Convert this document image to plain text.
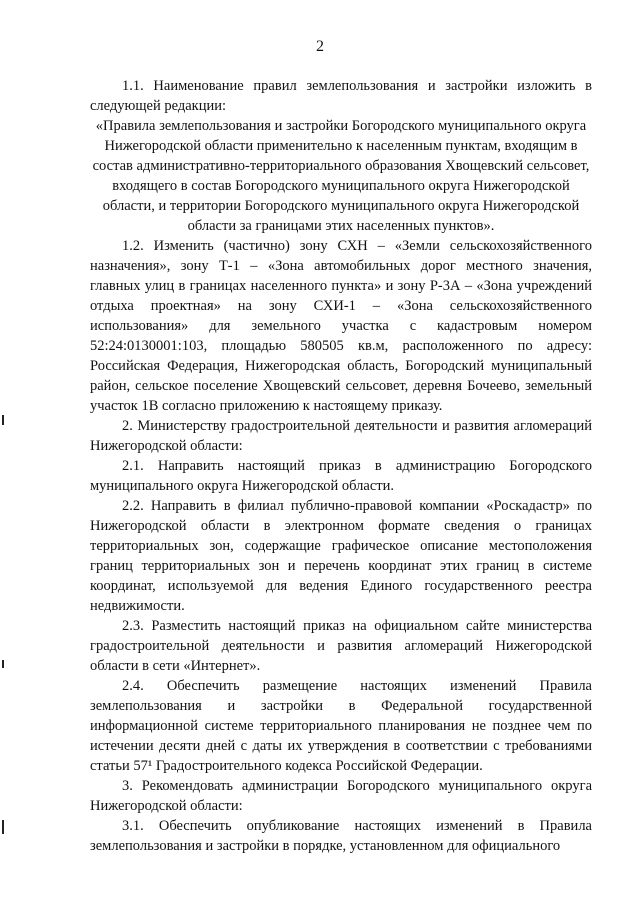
2

1.1. Наименование правил землепользования и застройки изложить в следующей редакции:

«Правила землепользования и застройки Богородского муниципального округа Нижегородской области применительно к населенным пунктам, входящим в состав административно-территориального образования Хвощевский сельсовет, входящего в состав Богородского муниципального округа Нижегородской области, и территории Богородского муниципального округа Нижегородской области за границами этих населенных пунктов».

1.2. Изменить (частично) зону СХН – «Земли сельскохозяйственного назначения», зону Т-1 – «Зона автомобильных дорог местного значения, главных улиц в границах населенного пункта» и зону Р-3А – «Зона учреждений отдыха проектная» на зону СХИ-1 – «Зона сельскохозяйственного использования» для земельного участка с кадастровым номером 52:24:0130001:103, площадью 580505 кв.м, расположенного по адресу: Российская Федерация, Нижегородская область, Богородский муниципальный район, сельское поселение Хвощевский сельсовет, деревня Бочеево, земельный участок 1В согласно приложению к настоящему приказу.

2. Министерству градостроительной деятельности и развития агломераций Нижегородской области:

2.1. Направить настоящий приказ в администрацию Богородского муниципального округа Нижегородской области.

2.2. Направить в филиал публично-правовой компании «Роскадастр» по Нижегородской области в электронном формате сведения о границах территориальных зон, содержащие графическое описание местоположения границ территориальных зон и перечень координат этих границ в системе координат, используемой для ведения Единого государственного реестра недвижимости.

2.3. Разместить настоящий приказ на официальном сайте министерства градостроительной деятельности и развития агломераций Нижегородской области в сети «Интернет».

2.4. Обеспечить размещение настоящих изменений Правила землепользования и застройки в Федеральной государственной информационной системе территориального планирования не позднее чем по истечении десяти дней с даты их утверждения в соответствии с требованиями статьи 57¹ Градостроительного кодекса Российской Федерации.

3. Рекомендовать администрации Богородского муниципального округа Нижегородской области:

3.1. Обеспечить опубликование настоящих изменений в Правила землепользования и застройки в порядке, установленном для официального
